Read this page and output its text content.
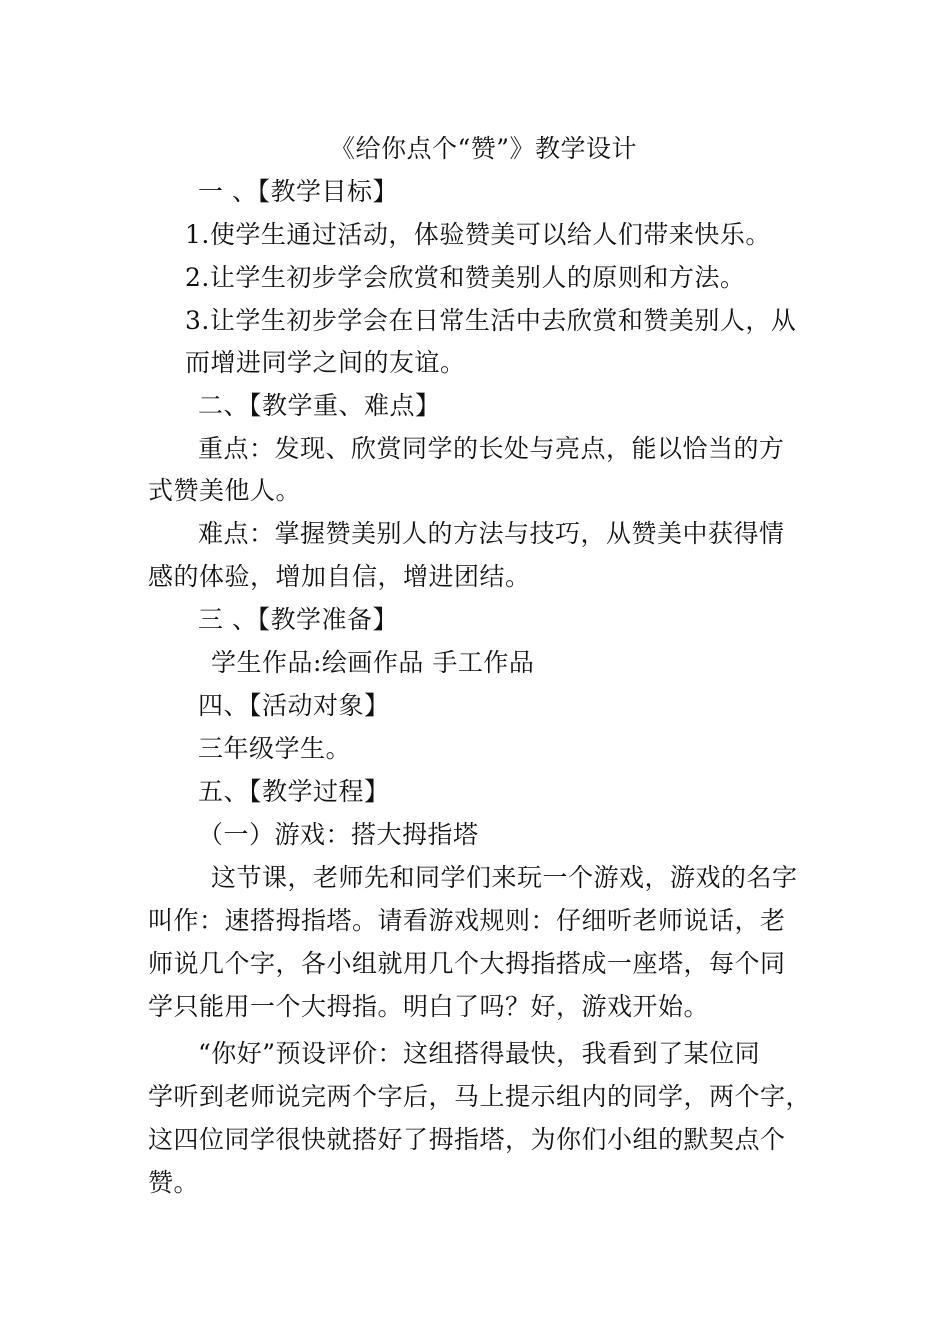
《给你点个“赞”》教学设计
一 、【教学目标】
1.使学生通过活动，体验赞美可以给人们带来快乐。
2.让学生初步学会欣赏和赞美别人的原则和方法。
3.让学生初步学会在日常生活中去欣赏和赞美别人，从
而增进同学之间的友谊。
二、【教学重、难点】
重点：发现、欣赏同学的长处与亮点，能以恰当的方
式赞美他人。
难点：掌握赞美别人的方法与技巧，从赞美中获得情
感的体验，增加自信，增进团结。
三 、【教学准备】
学生作品:绘画作品 手工作品
四、【活动对象】
三年级学生。
五、【教学过程】
（一）游戏：搭大拇指塔
这节课，老师先和同学们来玩一个游戏，游戏的名字
叫作：速搭拇指塔。请看游戏规则：仔细听老师说话，老
师说几个字，各小组就用几个大拇指搭成一座塔，每个同
学只能用一个大拇指。明白了吗？好，游戏开始。
“你好”预设评价：这组搭得最快，我看到了某位同
学听到老师说完两个字后，马上提示组内的同学，两个字，
这四位同学很快就搭好了拇指塔，为你们小组的默契点个
赞。
